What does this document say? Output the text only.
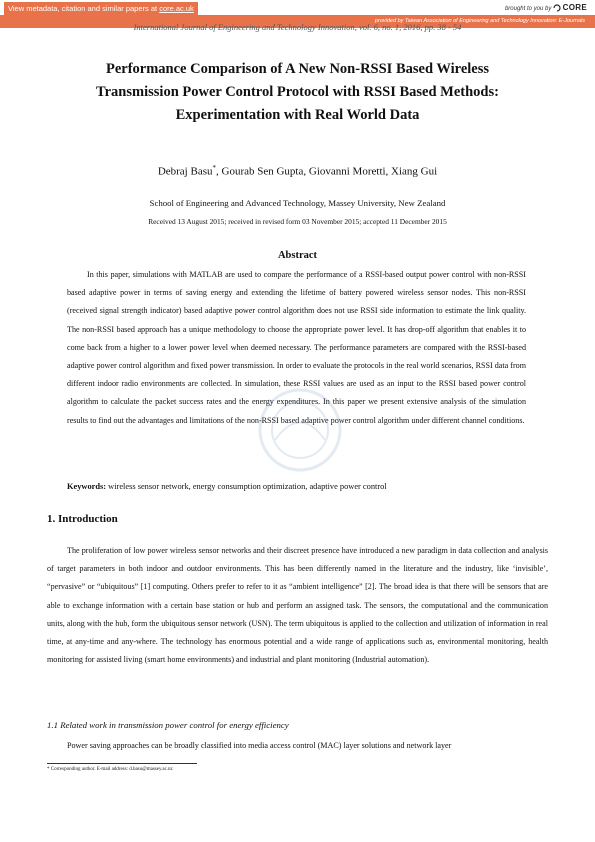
View metadata, citation and similar papers at core.ac.uk	brought to you by CORE
provided by Taiwan Association of Engineering and Technology Innovation: E-Journals
International Journal of Engineering and Technology Innovation, vol. 6, no. 1, 2016, pp. 38 - 54
Performance Comparison of A New Non-RSSI Based Wireless
Transmission Power Control Protocol with RSSI Based Methods:
Experimentation with Real World Data
Debraj Basu*, Gourab Sen Gupta, Giovanni Moretti, Xiang Gui
School of Engineering and Advanced Technology, Massey University, New Zealand
Received 13 August 2015; received in revised form 03 November 2015; accepted 11 December 2015
Abstract
In this paper, simulations with MATLAB are used to compare the performance of a RSSI-based output power control with non-RSSI based adaptive power in terms of saving energy and extending the lifetime of battery powered wireless sensor nodes. This non-RSSI (received signal strength indicator) based adaptive power control algorithm does not use RSSI side information to estimate the link quality. The non-RSSI based approach has a unique methodology to choose the appropriate power level. It has drop-off algorithm that enables it to come back from a higher to a lower power level when deemed necessary. The performance parameters are compared with the RSSI-based adaptive power control algorithm and fixed power transmission. In order to evaluate the protocols in the real world scenarios, RSSI data from different indoor radio environments are collected. In simulation, these RSSI values are used as an input to the RSSI based power control algorithm to calculate the packet success rates and the energy expenditures. In this paper we present extensive analysis of the simulation results to find out the advantages and limitations of the non-RSSI based adaptive power control algorithm under different channel conditions.
Keywords: wireless sensor network, energy consumption optimization, adaptive power control
1. Introduction
The proliferation of low power wireless sensor networks and their discreet presence have introduced a new paradigm in data collection and analysis of target parameters in both indoor and outdoor environments. This has been differently named in the literature and the industry, like ‘invisible’, “pervasive” or “ubiquitous” [1] computing. Others prefer to refer to it as “ambient intelligence” [2]. The broad idea is that there will be sensors that are able to exchange information with a certain base station or hub and perform an assigned task. The sensors, the computational and the communication units, along with the hub, form the ubiquitous sensor network (USN). The term ubiquitous is applied to the collection and utilization of information in real time, at any-time and any-where. The technology has enormous potential and a wide range of applications such as, environmental monitoring, health monitoring for assisted living (smart home environments) and industrial and plant monitoring (Industrial automation).
1.1 Related work in transmission power control for energy efficiency
Power saving approaches can be broadly classified into media access control (MAC) layer solutions and network layer
* Corresponding author. E-mail address: d.basu@massey.ac.nz
